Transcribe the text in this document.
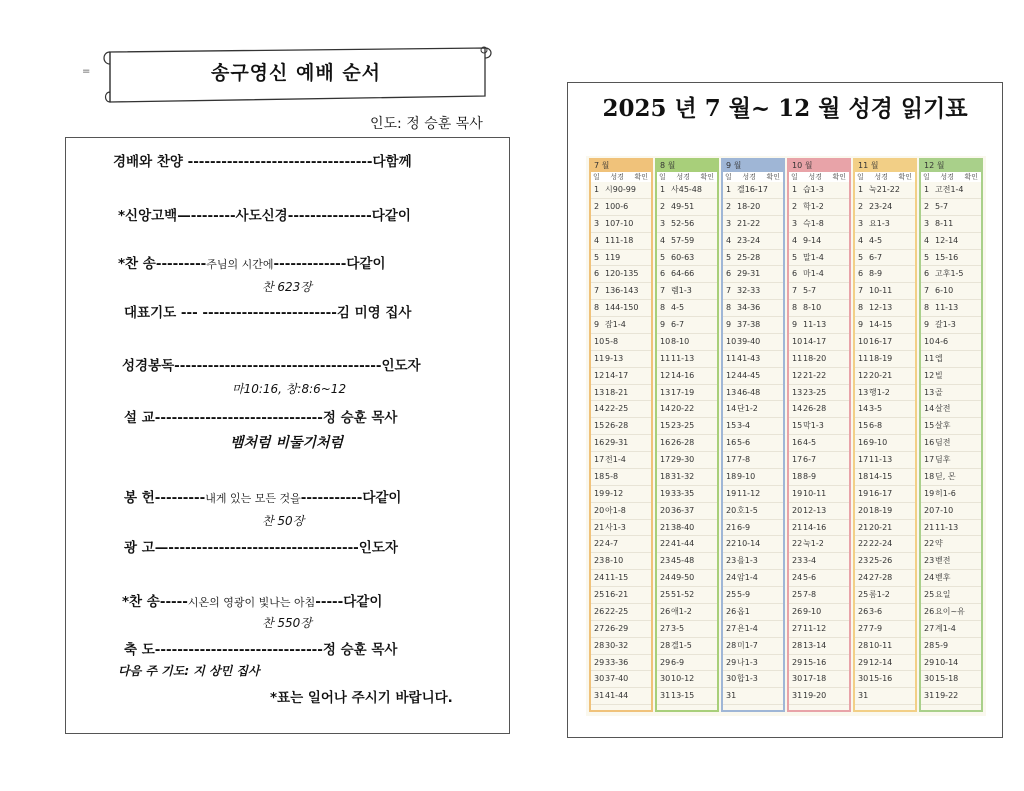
=	송구영신 예배 순서
인도: 정 승훈 목사
경배와 찬양 ---------------------------------다함께
*신앙고백—--------사도신경---------------다같이
*찬 송---------주님의 시간에-------------다같이
찬 623장
대표기도 --- ------------------------김 미영 집사
성경봉독-------------------------------------인도자
마10:16, 창:8:6~12
설 교------------------------------정 승훈 목사
뱀처럼 비둘기처럼
봉 헌---------내게 있는 모든 것을-----------다같이
찬 50장
광 고—----------------------------------인도자
*찬 송-----시온의 영광이 빛나는 아침-----다같이
찬 550장
축 도------------------------------정 승훈 목사
다음 주 기도: 지 상민 집사
*표는 일어나 주시기 바랍니다.
2025 년 7 월~ 12 월 성경 읽기표
7 월
일 성경 확인
1 시90-99
2 100-6
3 107-10
4 111-18
5 119
6 120-135
7 136-143
8 144-150
9 잠1-4
105-8
119-13
1214-17
1318-21
1422-25
1526-28
1629-31
17전1-4
185-8
199-12
20아1-8
21사1-3
224-7
238-10
2411-15
2516-21
2622-25
2726-29
2830-32
2933-36
3037-40
3141-44
8 월
일 성경 확인
1 사45-48
2 49-51
3 52-56
4 57-59
5 60-63
6 64-66
7 렘1-3
8 4-5
9 6-7
108-10
1111-13
1214-16
1317-19
1420-22
1523-25
1626-28
1729-30
1831-32
1933-35
2036-37
2138-40
2241-44
2345-48
2449-50
2551-52
26애1-2
273-5
28겔1-5
296-9
3010-12
3113-15
9 월
일 성경 확인
1 겔16-17
2 18-20
3 21-22
4 23-24
5 25-28
6 29-31
7 32-33
8 34-36
9 37-38
1039-40
1141-43
1244-45
1346-48
14단1-2
153-4
165-6
177-8
189-10
1911-12
20호1-5
216-9
2210-14
23욜1-3
24암1-4
255-9
26옵1
27욘1-4
28미1-7
29나1-3
30합1-3
31
10 월
일 성경 확인
1 습1-3
2 학1-2
3 슥1-8
4 9-14
5 말1-4
6 마1-4
7 5-7
8 8-10
9 11-13
1014-17
1118-20
1221-22
1323-25
1426-28
15막1-3
164-5
176-7
188-9
1910-11
2012-13
2114-16
22눅1-2
233-4
245-6
257-8
269-10
2711-12
2813-14
2915-16
3017-18
3119-20
11 월
일 성경 확인
1 눅21-22
2 23-24
3 요1-3
4 4-5
5 6-7
6 8-9
7 10-11
8 12-13
9 14-15
1016-17
1118-19
1220-21
13행1-2
143-5
156-8
169-10
1711-13
1814-15
1916-17
2018-19
2120-21
2222-24
2325-26
2427-28
25롬1-2
263-6
277-9
2810-11
2912-14
3015-16
31
12 월
일 성경 확인
1 고전1-4
2 5-7
3 8-11
4 12-14
5 15-16
6 고후1-5
7 6-10
8 11-13
9 갈1-3
104-6
11엡
12빌
13골
14살전
15살후
16딤전
17딤후
18딛, 몬
19히1-6
207-10
2111-13
22약
23벧전
24벧후
25요일
26요이~유
27계1-4
285-9
2910-14
3015-18
3119-22
